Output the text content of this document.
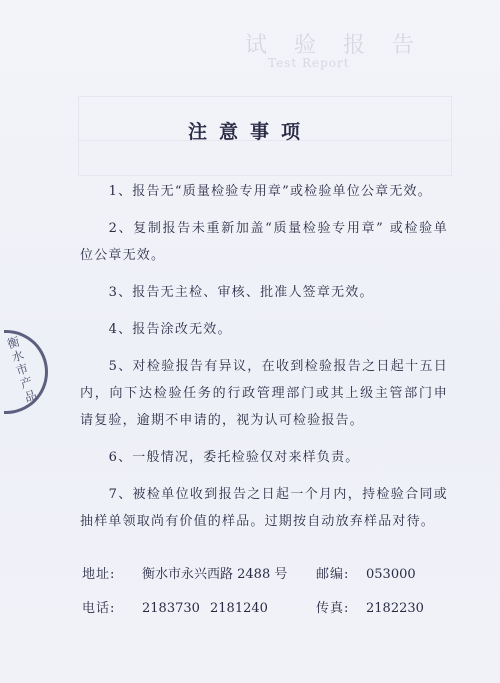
试 验 报 告
Test Report
衡水市产品
注意事项
1、报告无“质量检验专用章”或检验单位公章无效。
2、复制报告未重新加盖“质量检验专用章” 或检验单位公章无效。
3、报告无主检、审核、批准人签章无效。
4、报告涂改无效。
5、对检验报告有异议，在收到检验报告之日起十五日内，向下达检验任务的行政管理部门或其上级主管部门申请复验，逾期不申请的，视为认可检验报告。
6、一般情况，委托检验仅对来样负责。
7、被检单位收到报告之日起一个月内，持检验合同或抽样单领取尚有价值的样品。过期按自动放弃样品对待。
地址: 衡水市永兴西路 2488 号 邮编: 053000
电话: 2183730 2181240	传真: 2182230
